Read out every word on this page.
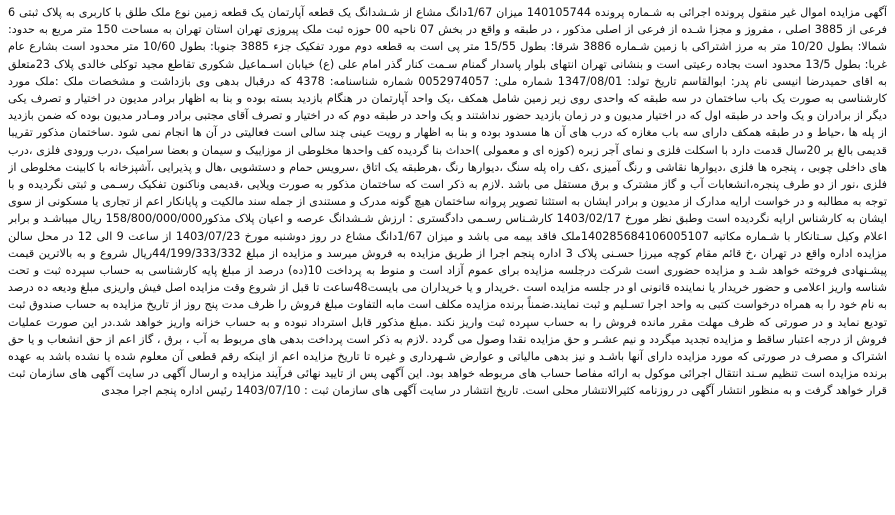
آگهی مزایده اموال غیر منقول پرونده اجرائی به شـماره پرونده 140105744 میزان 1/67دانگ مشاع از شـشدانگ یک قطعه آپارتمان یک قطعه زمین نوع ملک طلق با کاربری به پلاک ثبتی 6 فرعی از 3885 اصلی ، مفروز و مجزا شـده از فرعی از اصلی مذکور ، در طبقه و واقع در بخش 07 ناحیه 00 حوزه ثبت ملک پیروزی تهران استان تهران به مساحت 150 متر مربع به حدود: شمالا: بطول 10/20 متر به مرز اشتراکی با زمین شـماره 3886 شرقا: بطول 15/55 متر پی است به قطعه دوم مورد تفکیک جزء 3885 جنوبا: بطول 10/60 متر محدود است بشارع عام غربا: بطول 13/5 محدود است بجاده رعیتی است و بنشانی تهران انتهای بلوار پاسدار گمنام سـمت کنار گذر امام علی (ع) خیابان اسـماعیل شکوری تقاطع مجید توکلی خالدی پلاک 23متعلق به اقای حمیدرضا انیسی نام پدر: ابوالقاسم تاریخ تولد: 1347/08/01 شماره ملی: 0052974057 شماره شناسنامه: 4378 که درقبال بدهی وی بازداشت و مشخصات ملک :ملک مورد کارشناسی به صورت یک باب ساختمان در سه طبقه که واحدی روی زیر زمین شامل همکف ،یک واحد آپارتمان در هنگام بازدید بسته بوده و بنا به اظهار برادر مدیون در اختیار و تصرف یکی دیگر از برادران و یک واحد در طبقه اول که در اختیار مدیون و در زمان بازدید حضور نداشتند و یک واحد در طبقه دوم که در اختیار و تصرف آقای مجتبی برادر ومـادر مدیون بوده که ضمن بازدید از پله ها ،حیاط و در طبقه همکف دارای سه باب مغازه که درب های آن ها مسدود بوده و بنا به اظهار و رویت عینی چند سالی است فعالیتی در آن ها انجام نمی شود .ساختمان مذکور تقریبا قدیمی بالغ بر 20سال قدمت دارد با اسکلت فلزی و نمای آجر زبره (کوزه ای و معمولی )احداث بنا گردیده کف واحدها مخلوطی از موزاییک و سیمان و بعضا سرامیک ،درب ورودی فلزی ،درب های داخلی چوبی ، پنجره ها فلزی ،دیوارها نقاشی و رنگ آمیزی ،کف راه پله سنگ ،دیوارها رنگ ،هرطبقه یک اتاق ،سرویس حمام و دستشویی ،هال و پذیرایی ،آشپزخانه با کابینت مخلوطی از فلزی ،نور از دو طرف پنجره،انشعابات آب و گاز مشترک و برق مستقل می باشد .لازم به ذکر است که ساختمان مذکور به صورت ویلایی ،قدیمی وناکنون تفکیک رسـمی و ثبتی نگردیده و با توجه به مطالبه و در خواست ارایه مدارک از مدیون و برادر ایشان به استثنا تصویر پروانه ساختمان هیچ گونه مدرک و مستندی از جمله سند مالکیت و پایانکار اعم از تجاری یا مسکونی از سوی ایشان به کارشناس ارایه نگردیده است وطبق نظر مورخ 1403/02/17 کارشـناس رسـمی دادگستری : ارزش شـشدانگ عرصه و اعیان پلاک مذکور158/800/000/000 ریال میباشـد و برابر اعلام وکیل سـتانکار با شـماره مکاتبه 140285684106005107ملک فاقد بیمه می باشد و میزان 1/67دانگ مشاع در روز دوشنبه مورخ 1403/07/23 از ساعت 9 الی 12 در محل سالن مزایده اداره واقع در تهران ،خ قائم مقام کوچه میرزا حسـنی پلاک 3 اداره پنجم اجرا از طریق مزایده به فروش میرسد و مزایده از مبلغ 44/199/333/332ریال شروع و به بالاترین قیمت پیشـنهادی فروخته خواهد شـد و مزایده حضوری است شرکت درجلسه مزایده برای عموم آزاد است و منوط به پرداخت 10(ده) درصد از مبلغ پایه کارشناسی به حساب سپرده ثبت و تحت شناسه واریز اعلامی و حضور خریدار یا نماینده قانونی او در جلسه مزایده است .خریدار و یا خریداران می بایست48ساعت تا قبل از شروع وقت مزایده اصل فیش واریزی مبلغ ودیعه ده درصد به نام خود را به همراه درخواست کتبی به واحد اجرا تسـلیم و ثبت نمایند.ضمناً برنده مزایده مکلف است مابه التفاوت مبلغ فروش را ظرف مدت پنج روز از تاریخ مزایده به حساب صندوق ثبت تودیع نماید و در صورتی که ظرف مهلت مقرر مانده فروش را به حساب سپرده ثبت واریز نکند .مبلغ مذکور قابل استرداد نبوده و به حساب خزانه واریز خواهد شد.در این صورت عملیات فروش از درجه اعتبار ساقط و مزایده تجدید میگردد و نیم عشـر و حق مزایده نقدا وصول می گردد .لازم به ذکر است پرداخت بدهی های مربوط به آب ، برق ، گاز اعم از حق انشعاب و یا حق اشتراک و مصرف در صورتی که مورد مزایده دارای آنها باشـد و نیز بدهی مالیاتی و عوارض شـهرداری و غیره تا تاریخ مزایده اعم از اینکه رقم قطعی آن معلوم شده یا نشده باشد به عهده برنده مزایده است تنظیم سـند انتقال اجرائی موکول به ارائه مفاصا حساب های مربوطه خواهد بود. این آگهی پس از تایید نهائی فرآیند مزایده و ارسال آگهی در سایت آگهی های سازمان ثبت قرار خواهد گرفت و به منظور انتشار آگهی در روزنامه کثیرالانتشار محلی است. تاریخ انتشار در سایت آگهی های سازمان ثبت : 1403/07/10 رئیس اداره پنجم اجرا مجدی
